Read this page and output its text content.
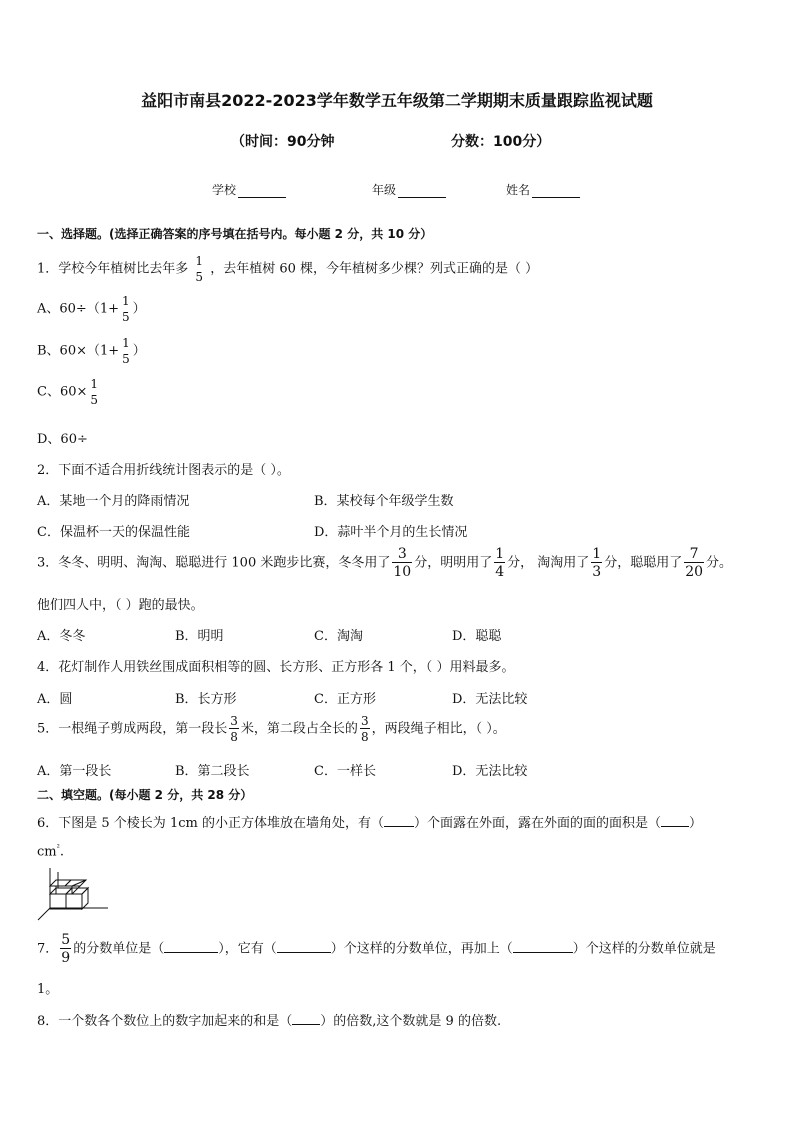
益阳市南县2022-2023学年数学五年级第二学期期末质量跟踪监视试题
（时间：90分钟	分数：100分）
学校	年级	姓名
一、选择题。(选择正确答案的序号填在括号内。每小题 2 分，共 10 分）
1．学校今年植树比去年多
1
5
，去年植树 60 棵，今年植树多少棵？列式正确的是（ ）
A、60÷（1+
1
5
）
B、60×（1+
1
5
）
C、60×
1
5
D、60÷
2．下面不适合用折线统计图表示的是（ ）。
A．某地一个月的降雨情况	B．某校每个年级学生数
C．保温杯一天的保温性能	D．蒜叶半个月的生长情况
3．冬冬、明明、淘淘、聪聪进行 100 米跑步比赛，冬冬用了 $\frac{3}{10}$ 分，明明用了 $\frac{1}{4}$ 分， 淘淘用了 $\frac{1}{3}$ 分，聪聪用了 $\frac{7}{20}$ 分。
他们四人中，（ ）跑的最快。
A．冬冬	B．明明	C．淘淘	D．聪聪
4．花灯制作人用铁丝围成面积相等的圆、长方形、正方形各 1 个，（ ）用料最多。
A．圆	B．长方形	C．正方形	D．无法比较
5．一根绳子剪成两段，第一段长 $\frac{3}{8}$ 米，第二段占全长的 $\frac{3}{8}$ ，两段绳子相比，（ ）。
A．第一段长	B．第二段长	C．一样长	D．无法比较
二、填空题。(每小题 2 分，共 28 分）
6．下图是 5 个棱长为 1cm 的小正方体堆放在墙角处，有（ ）个面露在外面，露在外面的面的面积是（ ）
$cm^{^2}$.
7． $\frac{5}{9}$ 的分数单位是（	），它有（	）个这样的分数单位，再加上（	）个这样的分数单位就是
1。
8．一个数各个数位上的数字加起来的和是（ ）的倍数,这个数就是 9 的倍数.
